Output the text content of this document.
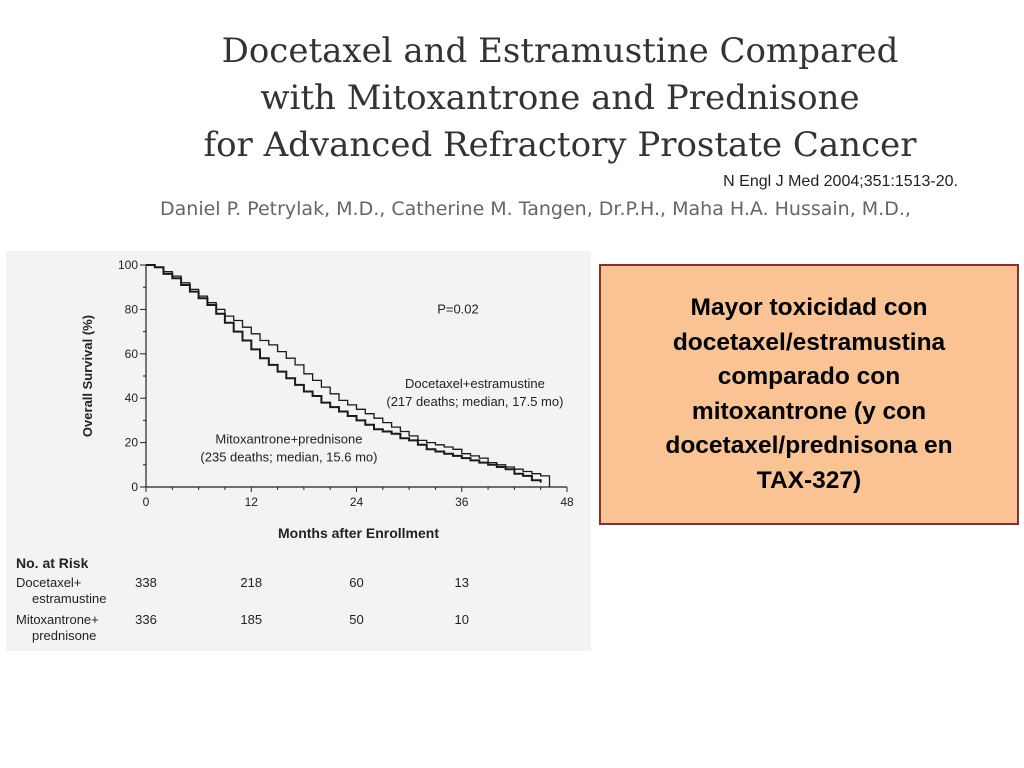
Docetaxel and Estramustine Compared
with Mitoxantrone and Prednisone
for Advanced Refractory Prostate Cancer
N Engl J Med 2004;351:1513-20.
Daniel P. Petrylak, M.D., Catherine M. Tangen, Dr.P.H., Maha H.A. Hussain, M.D.,
0
20
40
60
80
100
0	12	24	36	48
Overall Survival (%)
Months after Enrollment
P=0.02
Docetaxel+estramustine
(217 deaths; median, 17.5 mo)
Mitoxantrone+prednisone
(235 deaths; median, 15.6 mo)
No. at Risk
Docetaxel+
estramustine
338	218	60	13
Mitoxantrone+
prednisone
336	185	50	10
Mayor toxicidad con
docetaxel/estramustina
comparado con
mitoxantrone (y con
docetaxel/prednisona en
TAX-327)
